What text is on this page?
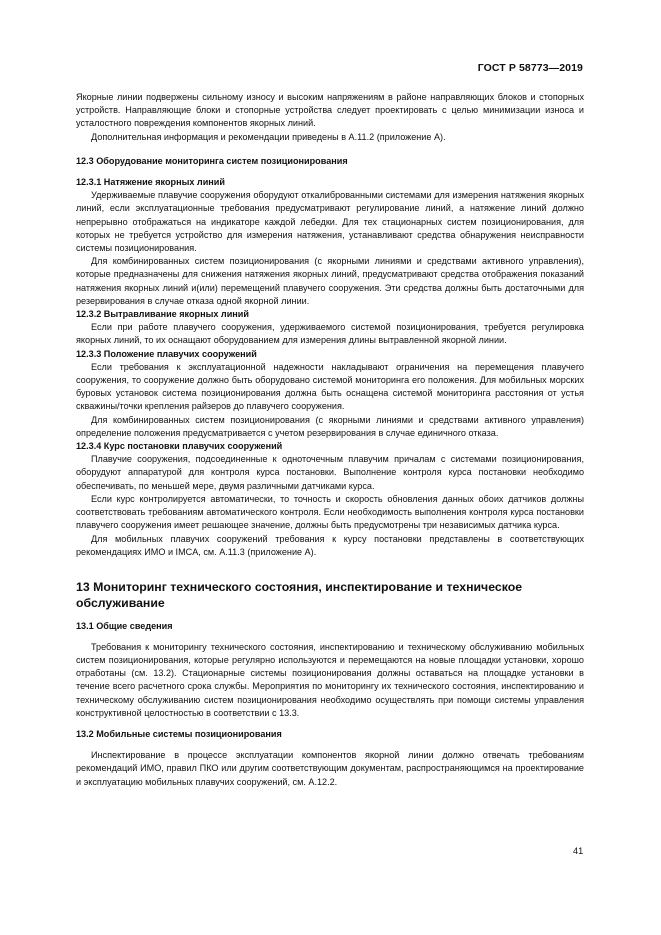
ГОСТ Р 58773—2019

Якорные линии подвержены сильному износу и высоким напряжениям в районе направляющих блоков и стопорных устройств. Направляющие блоки и стопорные устройства следует проектировать с целью минимизации износа и усталостного повреждения компонентов якорных линий.

Дополнительная информация и рекомендации приведены в А.11.2 (приложение А).

12.3 Оборудование мониторинга систем позиционирования

12.3.1 Натяжение якорных линий

Удерживаемые плавучие сооружения оборудуют откалиброванными системами для измерения натяжения якорных линий, если эксплуатационные требования предусматривают регулирование линий, а натяжение линий должно непрерывно отображаться на индикаторе каждой лебедки. Для тех стационарных систем позиционирования, для которых не требуется устройство для измерения натяжения, устанавливают средства обнаружения неисправности системы позиционирования.

Для комбинированных систем позиционирования (с якорными линиями и средствами активного управления), которые предназначены для снижения натяжения якорных линий, предусматривают средства отображения показаний натяжения якорных линий и(или) перемещений плавучего сооружения. Эти средства должны быть достаточными для резервирования в случае отказа одной якорной линии.

12.3.2 Вытравливание якорных линий

Если при работе плавучего сооружения, удерживаемого системой позиционирования, требуется регулировка якорных линий, то их оснащают оборудованием для измерения длины вытравленной якорной линии.

12.3.3 Положение плавучих сооружений

Если требования к эксплуатационной надежности накладывают ограничения на перемещения плавучего сооружения, то сооружение должно быть оборудовано системой мониторинга его положения. Для мобильных морских буровых установок система позиционирования должна быть оснащена системой мониторинга расстояния от устья скважины/точки крепления райзеров до плавучего сооружения.

Для комбинированных систем позиционирования (с якорными линиями и средствами активного управления) определение положения предусматривается с учетом резервирования в случае единичного отказа.

12.3.4 Курс постановки плавучих сооружений

Плавучие сооружения, подсоединенные к одноточечным плавучим причалам с системами позиционирования, оборудуют аппаратурой для контроля курса постановки. Выполнение контроля курса постановки необходимо обеспечивать, по меньшей мере, двумя различными датчиками курса.

Если курс контролируется автоматически, то точность и скорость обновления данных обоих датчиков должны соответствовать требованиям автоматического контроля. Если необходимость выполнения контроля курса постановки плавучего сооружения имеет решающее значение, должны быть предусмотрены три независимых датчика курса.

Для мобильных плавучих сооружений требования к курсу постановки представлены в соответствующих рекомендациях ИМО и IMCA, см. А.11.3 (приложение А).

13 Мониторинг технического состояния, инспектирование и техническое обслуживание

13.1 Общие сведения

Требования к мониторингу технического состояния, инспектированию и техническому обслуживанию мобильных систем позиционирования, которые регулярно используются и перемещаются на новые площадки установки, хорошо отработаны (см. 13.2). Стационарные системы позиционирования должны оставаться на площадке установки в течение всего расчетного срока службы. Мероприятия по мониторингу их технического состояния, инспектированию и техническому обслуживанию систем позиционирования необходимо осуществлять при помощи системы управления конструктивной целостностью в соответствии с 13.3.

13.2 Мобильные системы позиционирования

Инспектирование в процессе эксплуатации компонентов якорной линии должно отвечать требованиям рекомендаций ИМО, правил ПКО или другим соответствующим документам, распространяющимся на проектирование и эксплуатацию мобильных плавучих сооружений, см. А.12.2.

41
